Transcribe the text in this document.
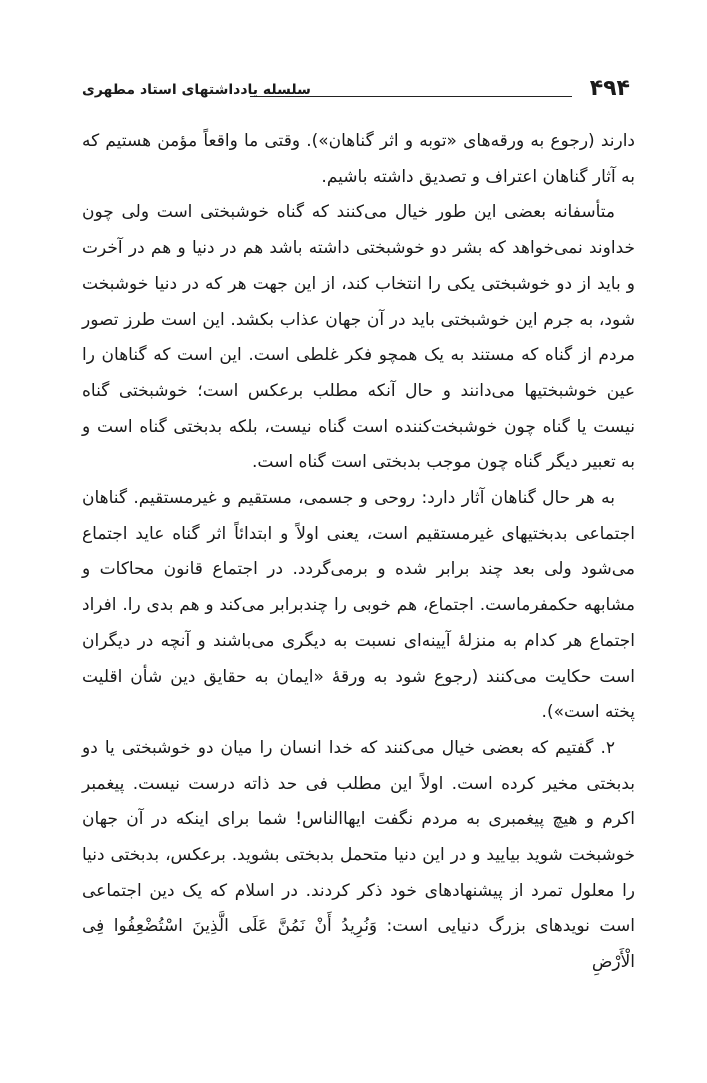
۴۹۴
سلسله یادداشتهای استاد مطهری

دارند (رجوع به ورقه‌های «توبه و اثر گناهان»). وقتی ما واقعاً مؤمن هستیم که به آثار گناهان اعتراف و تصدیق داشته باشیم.

متأسفانه بعضی این طور خیال می‌کنند که گناه خوشبختی است ولی چون خداوند نمی‌خواهد که بشر دو خوشبختی داشته باشد هم در دنیا و هم در آخرت و باید از دو خوشبختی یکی را انتخاب کند، از این جهت هر که در دنیا خوشبخت شود، به جرم این خوشبختی باید در آن جهان عذاب بکشد. این است طرز تصور مردم از گناه که مستند به یک همچو فکر غلطی است. این است که گناهان را عین خوشبختیها می‌دانند و حال آنکه مطلب برعکس است؛ خوشبختی گناه نیست یا گناه چون خوشبخت‌کننده است گناه نیست، بلکه بدبختی گناه است و به تعبیر دیگر گناه چون موجب بدبختی است گناه است.

به هر حال گناهان آثار دارد: روحی و جسمی، مستقیم و غیرمستقیم. گناهان اجتماعی بدبختیهای غیرمستقیم است، یعنی اولاً و ابتدائاً اثر گناه عاید اجتماع می‌شود ولی بعد چند برابر شده و برمی‌گردد. در اجتماع قانون محاکات و مشابهه حکمفرماست. اجتماع، هم خوبی را چندبرابر می‌کند و هم بدی را. افراد اجتماع هر کدام به منزلهٔ آیینه‌ای نسبت به دیگری می‌باشند و آنچه در دیگران است حکایت می‌کنند (رجوع شود به ورقهٔ «ایمان به حقایق دین شأن اقلیت پخته است»).

۲. گفتیم که بعضی خیال می‌کنند که خدا انسان را میان دو خوشبختی یا دو بدبختی مخیر کرده است. اولاً این مطلب فی حد ذاته درست نیست. پیغمبر اکرم و هیچ پیغمبری به مردم نگفت ایها‌الناس! شما برای اینکه در آن جهان خوشبخت شوید بیایید و در این دنیا متحمل بدبختی بشوید. برعکس، بدبختی دنیا را معلول تمرد از پیشنهادهای خود ذکر کردند. در اسلام که یک دین اجتماعی است نویدهای بزرگ دنیایی است: وَنُرِیدُ أَنْ نَمُنَّ عَلَی الَّذِینَ اسْتُضْعِفُوا فِی الْأَرْضِ
